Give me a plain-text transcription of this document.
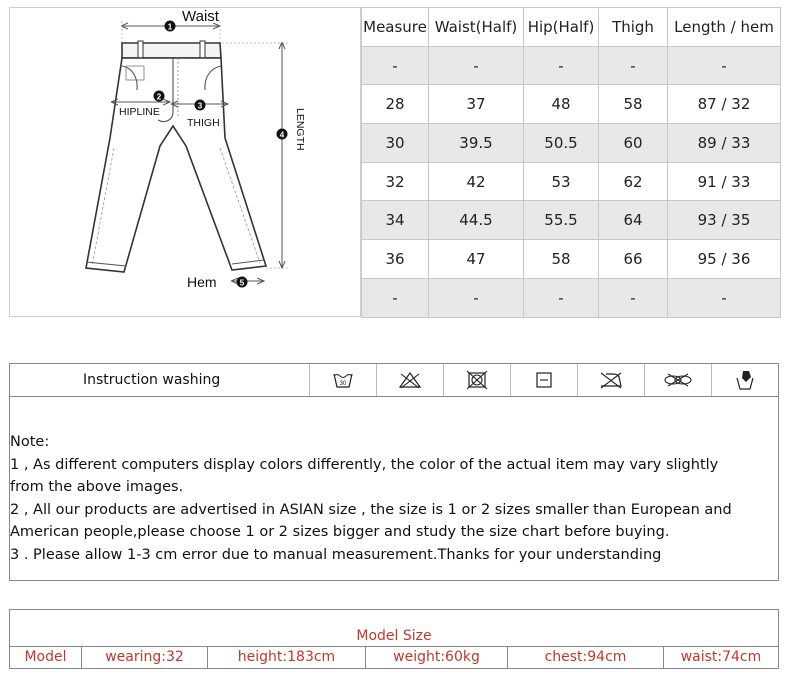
1
Waist
2
HIPLINE	3
THIGH
4 LENGTH
5
Hem
Measure	Waist(Half)	Hip(Half)	Thigh	Length / hem
-	-	-	-	-
28	37	48	58	87 / 32
30	39.5	50.5	60	89 / 33
32	42	53	62	91 / 33
34	44.5	55.5	64	93 / 35
36	47	58	66	95 / 36
-	-	-	-	-
Instruction washing	30

Note:

1 , As different computers display colors differently, the color of the actual item may vary slightly

from the above images.

2 , All our products are advertised in ASIAN size , the size is 1 or 2 sizes smaller than European and

American people,please choose 1 or 2 sizes bigger and study the size chart before buying.

3 . Please allow 1-3 cm error due to manual measurement.Thanks for your understanding

Model Size
Model	wearing:32	height:183cm	weight:60kg	chest:94cm	waist:74cm
